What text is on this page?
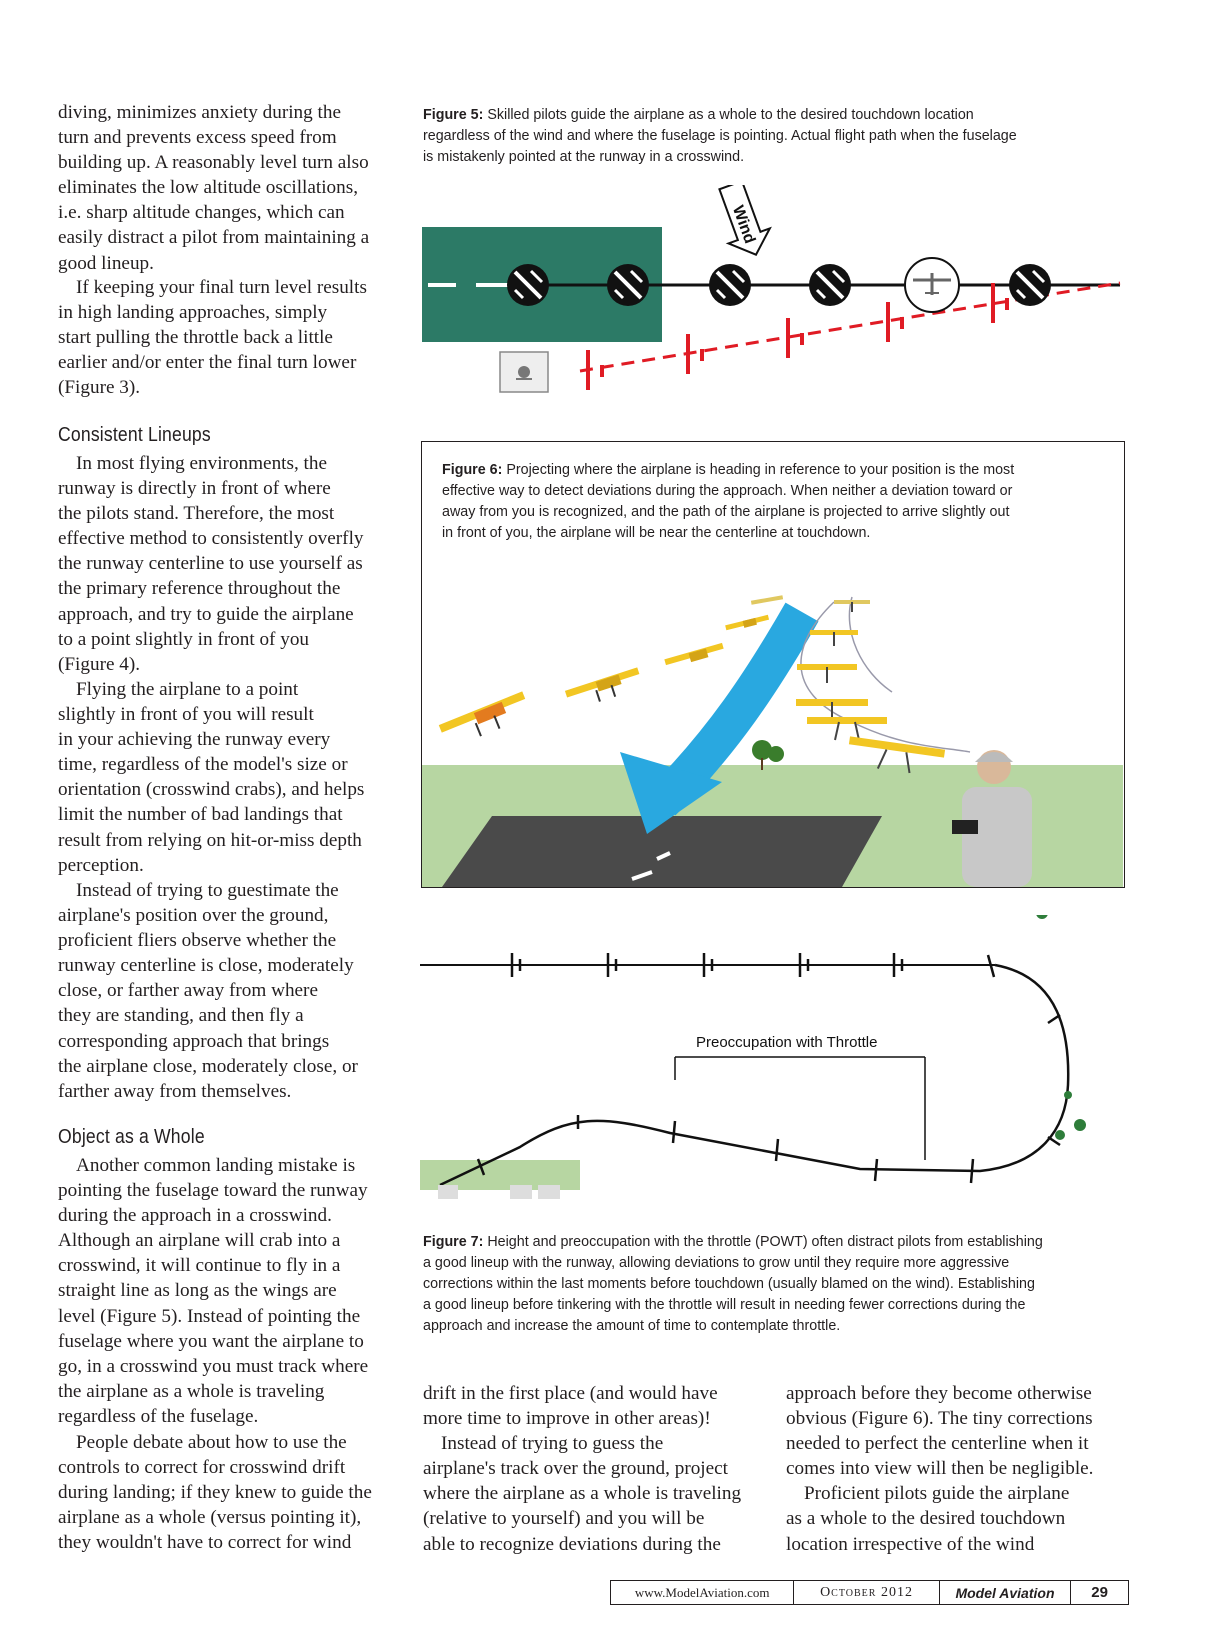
diving, minimizes anxiety during the
turn and prevents excess speed from
building up. A reasonably level turn also
eliminates the low altitude oscillations,
i.e. sharp altitude changes, which can
easily distract a pilot from maintaining a
good lineup.

If keeping your final turn level results
in high landing approaches, simply
start pulling the throttle back a little
earlier and/or enter the final turn lower
(Figure 3).

Consistent Lineups

In most flying environments, the
runway is directly in front of where
the pilots stand. Therefore, the most
effective method to consistently overfly
the runway centerline to use yourself as
the primary reference throughout the
approach, and try to guide the airplane
to a point slightly in front of you
(Figure 4).

Flying the airplane to a point
slightly in front of you will result
in your achieving the runway every
time, regardless of the model's size or
orientation (crosswind crabs), and helps
limit the number of bad landings that
result from relying on hit-or-miss depth
perception.

Instead of trying to guestimate the
airplane's position over the ground,
proficient fliers observe whether the
runway centerline is close, moderately
close, or farther away from where
they are standing, and then fly a
corresponding approach that brings
the airplane close, moderately close, or
farther away from themselves.

Object as a Whole

Another common landing mistake is
pointing the fuselage toward the runway
during the approach in a crosswind.
Although an airplane will crab into a
crosswind, it will continue to fly in a
straight line as long as the wings are
level (Figure 5). Instead of pointing the
fuselage where you want the airplane to
go, in a crosswind you must track where
the airplane as a whole is traveling
regardless of the fuselage.

People debate about how to use the
controls to correct for crosswind drift
during landing; if they knew to guide the
airplane as a whole (versus pointing it),
they wouldn't have to correct for wind

Figure 5: Skilled pilots guide the airplane as a whole to the desired touchdown location
regardless of the wind and where the fuselage is pointing. Actual flight path when the fuselage
is mistakenly pointed at the runway in a crosswind.

Wind

Figure 6: Projecting where the airplane is heading in reference to your position is the most
effective way to detect deviations during the approach. When neither a deviation toward or
away from you is recognized, and the path of the airplane is projected to arrive slightly out
in front of you, the airplane will be near the centerline at touchdown.

Preoccupation with Throttle

Figure 7: Height and preoccupation with the throttle (POWT) often distract pilots from establishing
a good lineup with the runway, allowing deviations to grow until they require more aggressive
corrections within the last moments before touchdown (usually blamed on the wind). Establishing
a good lineup before tinkering with the throttle will result in needing fewer corrections during the
approach and increase the amount of time to contemplate throttle.

drift in the first place (and would have
more time to improve in other areas)!
Instead of trying to guess the
airplane's track over the ground, project
where the airplane as a whole is traveling
(relative to yourself) and you will be
able to recognize deviations during the

approach before they become otherwise
obvious (Figure 6). The tiny corrections
needed to perfect the centerline when it
comes into view will then be negligible.
Proficient pilots guide the airplane
as a whole to the desired touchdown
location irrespective of the wind

www.ModelAviation.com	October 2012	Model Aviation	29
